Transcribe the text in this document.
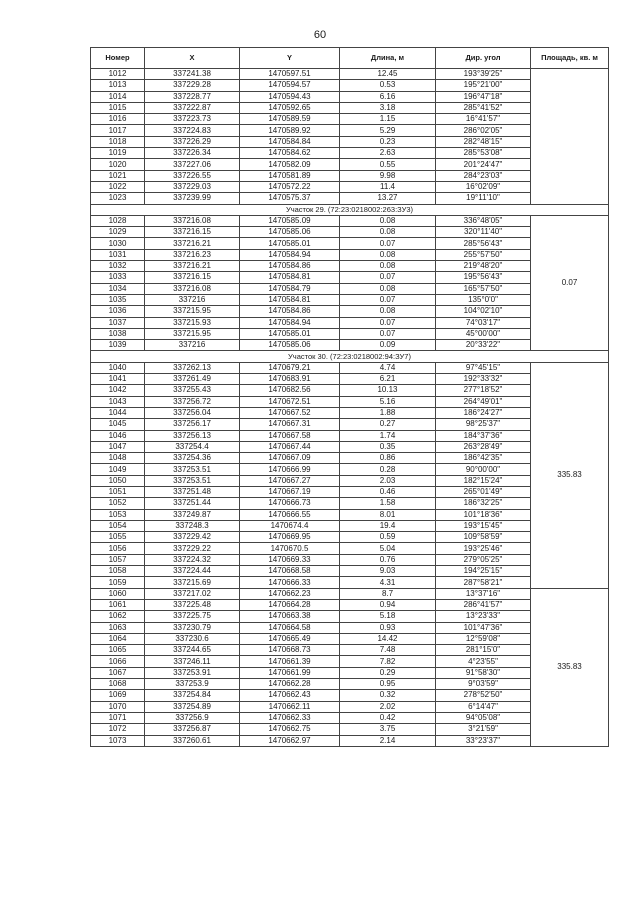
60
Номер	X	Y	Длина, м	Дир. угол	Площадь, кв. м
1012	337241.38	1470597.51	12.45	193°39'25"	
1013	337229.28	1470594.57	0.53	195°21'00"	
1014	337228.77	1470594.43	6.16	196°47'18"	
1015	337222.87	1470592.65	3.18	285°41'52"	
1016	337223.73	1470589.59	1.15	16°41'57"	
1017	337224.83	1470589.92	5.29	286°02'05"	
1018	337226.29	1470584.84	0.23	282°48'15"	
1019	337226.34	1470584.62	2.63	285°53'08"	
1020	337227.06	1470582.09	0.55	201°24'47"	
1021	337226.55	1470581.89	9.98	284°23'03"	
1022	337229.03	1470572.22	11.4	16°02'09"	
1023	337239.99	1470575.37	13.27	19°11'10"	
Участок 29. (72:23:0218002:263:ЗУ3)					
1028	337216.08	1470585.09	0.08	336°48'05"	0.07
1029	337216.15	1470585.06	0.08	320°11'40"	
1030	337216.21	1470585.01	0.07	285°56'43"	
1031	337216.23	1470584.94	0.08	255°57'50"	
1032	337216.21	1470584.86	0.08	219°48'20"	
1033	337216.15	1470584.81	0.07	195°56'43"	
1034	337216.08	1470584.79	0.08	165°57'50"	
1035	337216	1470584.81	0.07	135°0'0"	
1036	337215.95	1470584.86	0.08	104°02'10"	
1037	337215.93	1470584.94	0.07	74°03'17"	
1038	337215.95	1470585.01	0.07	45°00'00"	
1039	337216	1470585.06	0.09	20°33'22"	
Участок 30. (72:23:0218002:94:ЗУ7)					
1040	337262.13	1470679.21	4.74	97°45'15"	335.83
1041	337261.49	1470683.91	6.21	192°33'32"	
1042	337255.43	1470682.56	10.13	277°18'52"	
1043	337256.72	1470672.51	5.16	264°49'01"	
1044	337256.04	1470667.52	1.88	186°24'27"	
1045	337256.17	1470667.31	0.27	98°25'37"	
1046	337256.13	1470667.58	1.74	184°37'36"	
1047	337254.4	1470667.44	0.35	263°28'49"	
1048	337254.36	1470667.09	0.86	186°42'35"	
1049	337253.51	1470666.99	0.28	90°00'00"	
1050	337253.51	1470667.27	2.03	182°15'24"	
1051	337251.48	1470667.19	0.46	265°01'49"	
1052	337251.44	1470666.73	1.58	186°32'25"	
1053	337249.87	1470666.55	8.01	101°18'36"	
1054	337248.3	1470674.4	19.4	193°15'45"	
1055	337229.42	1470669.95	0.59	109°58'59"	
1056	337229.22	1470670.5	5.04	193°25'46"	
1057	337224.32	1470669.33	0.76	279°05'25"	
1058	337224.44	1470668.58	9.03	194°25'15"	
1059	337215.69	1470666.33	4.31	287°58'21"	
1060	337217.02	1470662.23	8.7	13°37'16"	335.83
1061	337225.48	1470664.28	0.94	286°41'57"	
1062	337225.75	1470663.38	5.18	13°23'33"	
1063	337230.79	1470664.58	0.93	101°47'36"	
1064	337230.6	1470665.49	14.42	12°59'08"	
1065	337244.65	1470668.73	7.48	281°15'0"	
1066	337246.11	1470661.39	7.82	4°23'55"	
1067	337253.91	1470661.99	0.29	91°58'30"	
1068	337253.9	1470662.28	0.95	9°03'59"	
1069	337254.84	1470662.43	0.32	278°52'50"	
1070	337254.89	1470662.11	2.02	6°14'47"	
1071	337256.9	1470662.33	0.42	94°05'08"	
1072	337256.87	1470662.75	3.75	3°21'59"	
1073	337260.61	1470662.97	2.14	33°23'37"	
